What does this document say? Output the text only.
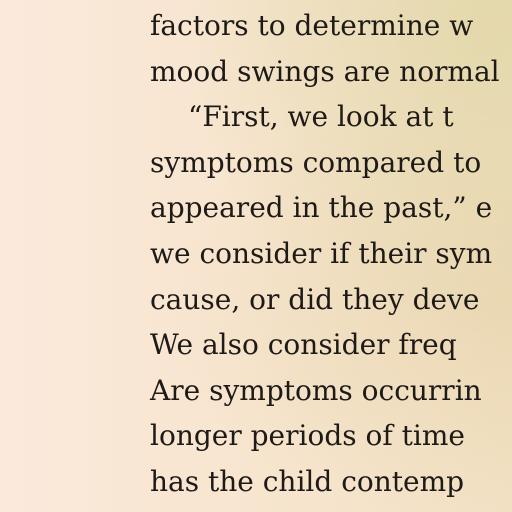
factors to determine w
mood swings are normal
“First, we look at t
symptoms compared to
appeared in the past,” e
we consider if their sym
cause, or did they deve
We also consider freq
Are symptoms occurrin
longer periods of time
has the child contemp
